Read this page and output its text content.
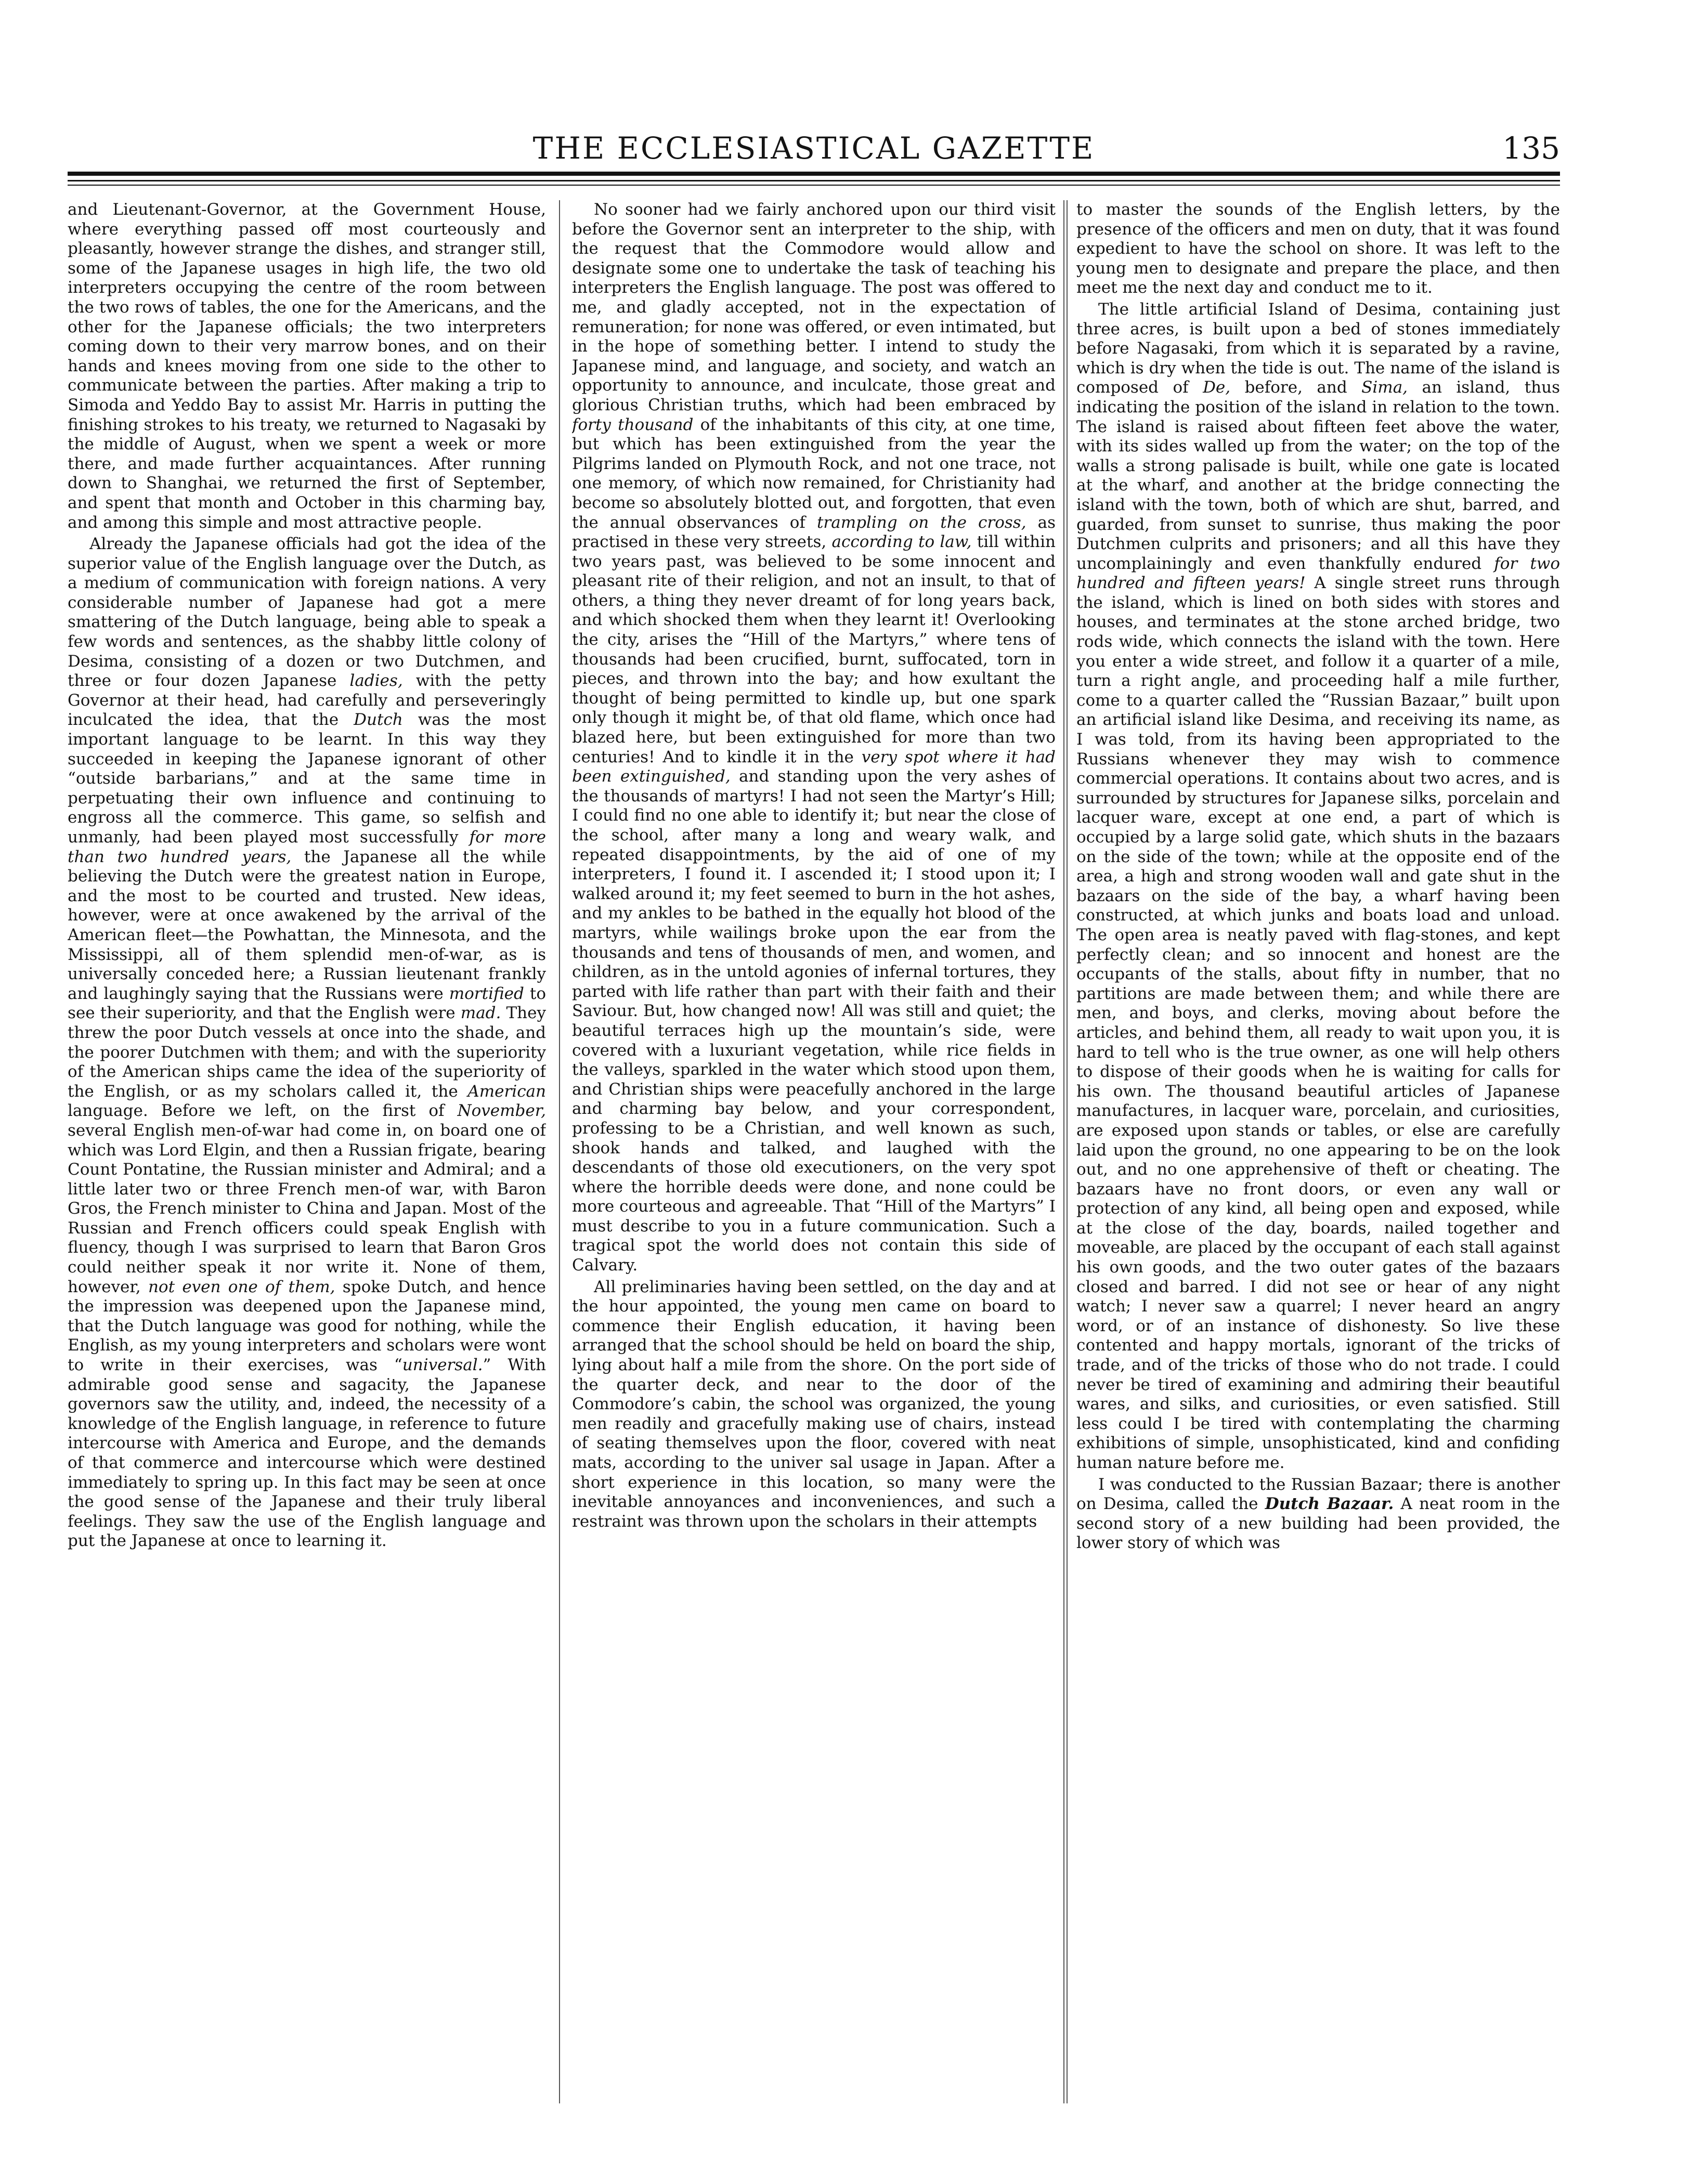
THE ECCLESIASTICAL GAZETTE	135

and Lieutenant-Governor, at the Government House, where everything passed off most courteously and pleasantly, however strange the dishes, and stranger still, some of the Japanese usages in high life, the two old interpreters occupying the centre of the room between the two rows of tables, the one for the Americans, and the other for the Japanese officials; the two interpreters coming down to their very marrow bones, and on their hands and knees moving from one side to the other to communicate between the parties. After making a trip to Simoda and Yeddo Bay to assist Mr. Harris in putting the finishing strokes to his treaty, we returned to Nagasaki by the middle of August, when we spent a week or more there, and made further acquaintances. After running down to Shanghai, we returned the first of September, and spent that month and October in this charming bay, and among this simple and most attractive people.

Already the Japanese officials had got the idea of the superior value of the English language over the Dutch, as a medium of communication with foreign nations. A very considerable number of Japanese had got a mere smattering of the Dutch language, being able to speak a few words and sentences, as the shabby little colony of Desima, consisting of a dozen or two Dutchmen, and three or four dozen Japanese ladies, with the petty Governor at their head, had carefully and perseveringly inculcated the idea, that the Dutch was the most important language to be learnt. In this way they succeeded in keeping the Japanese ignorant of other “outside barbarians,” and at the same time in perpetuating their own influence and continuing to engross all the commerce. This game, so selfish and unmanly, had been played most successfully for more than two hundred years, the Japanese all the while believing the Dutch were the greatest nation in Europe, and the most to be courted and trusted. New ideas, however, were at once awakened by the arrival of the American fleet—the Powhattan, the Minnesota, and the Mississippi, all of them splendid men-of-war, as is universally conceded here; a Russian lieutenant frankly and laughingly saying that the Russians were mortified to see their superiority, and that the English were mad. They threw the poor Dutch vessels at once into the shade, and the poorer Dutchmen with them; and with the superiority of the American ships came the idea of the superiority of the English, or as my scholars called it, the American language. Before we left, on the first of November, several English men-of-war had come in, on board one of which was Lord Elgin, and then a Russian frigate, bearing Count Pontatine, the Russian minister and Admiral; and a little later two or three French men-of war, with Baron Gros, the French minister to China and Japan. Most of the Russian and French officers could speak English with fluency, though I was surprised to learn that Baron Gros could neither speak it nor write it. None of them, however, not even one of them, spoke Dutch, and hence the impression was deepened upon the Japanese mind, that the Dutch language was good for nothing, while the English, as my young interpreters and scholars were wont to write in their exercises, was “universal.” With admirable good sense and sagacity, the Japanese governors saw the utility, and, indeed, the necessity of a knowledge of the English language, in reference to future intercourse with America and Europe, and the demands of that commerce and intercourse which were destined immediately to spring up. In this fact may be seen at once the good sense of the Japanese and their truly liberal feelings. They saw the use of the English language and put the Japanese at once to learning it.

No sooner had we fairly anchored upon our third visit before the Governor sent an interpreter to the ship, with the request that the Commodore would allow and designate some one to undertake the task of teaching his interpreters the English language. The post was offered to me, and gladly accepted, not in the expectation of remuneration; for none was offered, or even intimated, but in the hope of something better. I intend to study the Japanese mind, and language, and society, and watch an opportunity to announce, and inculcate, those great and glorious Christian truths, which had been embraced by forty thousand of the inhabitants of this city, at one time, but which has been extinguished from the year the Pilgrims landed on Plymouth Rock, and not one trace, not one memory, of which now remained, for Christianity had become so absolutely blotted out, and forgotten, that even the annual observances of trampling on the cross, as practised in these very streets, according to law, till within two years past, was believed to be some innocent and pleasant rite of their religion, and not an insult, to that of others, a thing they never dreamt of for long years back, and which shocked them when they learnt it! Overlooking the city, arises the “Hill of the Martyrs,” where tens of thousands had been crucified, burnt, suffocated, torn in pieces, and thrown into the bay; and how exultant the thought of being permitted to kindle up, but one spark only though it might be, of that old flame, which once had blazed here, but been extinguished for more than two centuries! And to kindle it in the very spot where it had been extinguished, and standing upon the very ashes of the thousands of martyrs! I had not seen the Martyr’s Hill; I could find no one able to identify it; but near the close of the school, after many a long and weary walk, and repeated disappointments, by the aid of one of my interpreters, I found it. I ascended it; I stood upon it; I walked around it; my feet seemed to burn in the hot ashes, and my ankles to be bathed in the equally hot blood of the martyrs, while wailings broke upon the ear from the thousands and tens of thousands of men, and women, and children, as in the untold agonies of infernal tortures, they parted with life rather than part with their faith and their Saviour. But, how changed now! All was still and quiet; the beautiful terraces high up the mountain’s side, were covered with a luxuriant vegetation, while rice fields in the valleys, sparkled in the water which stood upon them, and Christian ships were peacefully anchored in the large and charming bay below, and your correspondent, professing to be a Christian, and well known as such, shook hands and talked, and laughed with the descendants of those old executioners, on the very spot where the horrible deeds were done, and none could be more courteous and agreeable. That “Hill of the Martyrs” I must describe to you in a future communication. Such a tragical spot the world does not contain this side of Calvary.

All preliminaries having been settled, on the day and at the hour appointed, the young men came on board to commence their English education, it having been arranged that the school should be held on board the ship, lying about half a mile from the shore. On the port side of the quarter deck, and near to the door of the Commodore’s cabin, the school was organized, the young men readily and gracefully making use of chairs, instead of seating themselves upon the floor, covered with neat mats, according to the univer sal usage in Japan. After a short experience in this location, so many were the inevitable annoyances and inconveniences, and such a restraint was thrown upon the scholars in their attempts

to master the sounds of the English letters, by the presence of the officers and men on duty, that it was found expedient to have the school on shore. It was left to the young men to designate and prepare the place, and then meet me the next day and conduct me to it.

The little artificial Island of Desima, containing just three acres, is built upon a bed of stones immediately before Nagasaki, from which it is separated by a ravine, which is dry when the tide is out. The name of the island is composed of De, before, and Sima, an island, thus indicating the position of the island in relation to the town. The island is raised about fifteen feet above the water, with its sides walled up from the water; on the top of the walls a strong palisade is built, while one gate is located at the wharf, and another at the bridge connecting the island with the town, both of which are shut, barred, and guarded, from sunset to sunrise, thus making the poor Dutchmen culprits and prisoners; and all this have they uncomplainingly and even thankfully endured for two hundred and fifteen years! A single street runs through the island, which is lined on both sides with stores and houses, and terminates at the stone arched bridge, two rods wide, which connects the island with the town. Here you enter a wide street, and follow it a quarter of a mile, turn a right angle, and proceeding half a mile further, come to a quarter called the “Russian Bazaar,” built upon an artificial island like Desima, and receiving its name, as I was told, from its having been appropriated to the Russians whenever they may wish to commence commercial operations. It contains about two acres, and is surrounded by structures for Japanese silks, porcelain and lacquer ware, except at one end, a part of which is occupied by a large solid gate, which shuts in the bazaars on the side of the town; while at the opposite end of the area, a high and strong wooden wall and gate shut in the bazaars on the side of the bay, a wharf having been constructed, at which junks and boats load and unload. The open area is neatly paved with flag-stones, and kept perfectly clean; and so innocent and honest are the occupants of the stalls, about fifty in number, that no partitions are made between them; and while there are men, and boys, and clerks, moving about before the articles, and behind them, all ready to wait upon you, it is hard to tell who is the true owner, as one will help others to dispose of their goods when he is waiting for calls for his own. The thousand beautiful articles of Japanese manufactures, in lacquer ware, porcelain, and curiosities, are exposed upon stands or tables, or else are carefully laid upon the ground, no one appearing to be on the look out, and no one apprehensive of theft or cheating. The bazaars have no front doors, or even any wall or protection of any kind, all being open and exposed, while at the close of the day, boards, nailed together and moveable, are placed by the occupant of each stall against his own goods, and the two outer gates of the bazaars closed and barred. I did not see or hear of any night watch; I never saw a quarrel; I never heard an angry word, or of an instance of dishonesty. So live these contented and happy mortals, ignorant of the tricks of trade, and of the tricks of those who do not trade. I could never be tired of examining and admiring their beautiful wares, and silks, and curiosities, or even satisfied. Still less could I be tired with contemplating the charming exhibitions of simple, unsophisticated, kind and confiding human nature before me.

I was conducted to the Russian Bazaar; there is another on Desima, called the Dutch Bazaar. A neat room in the second story of a new building had been provided, the lower story of which was
